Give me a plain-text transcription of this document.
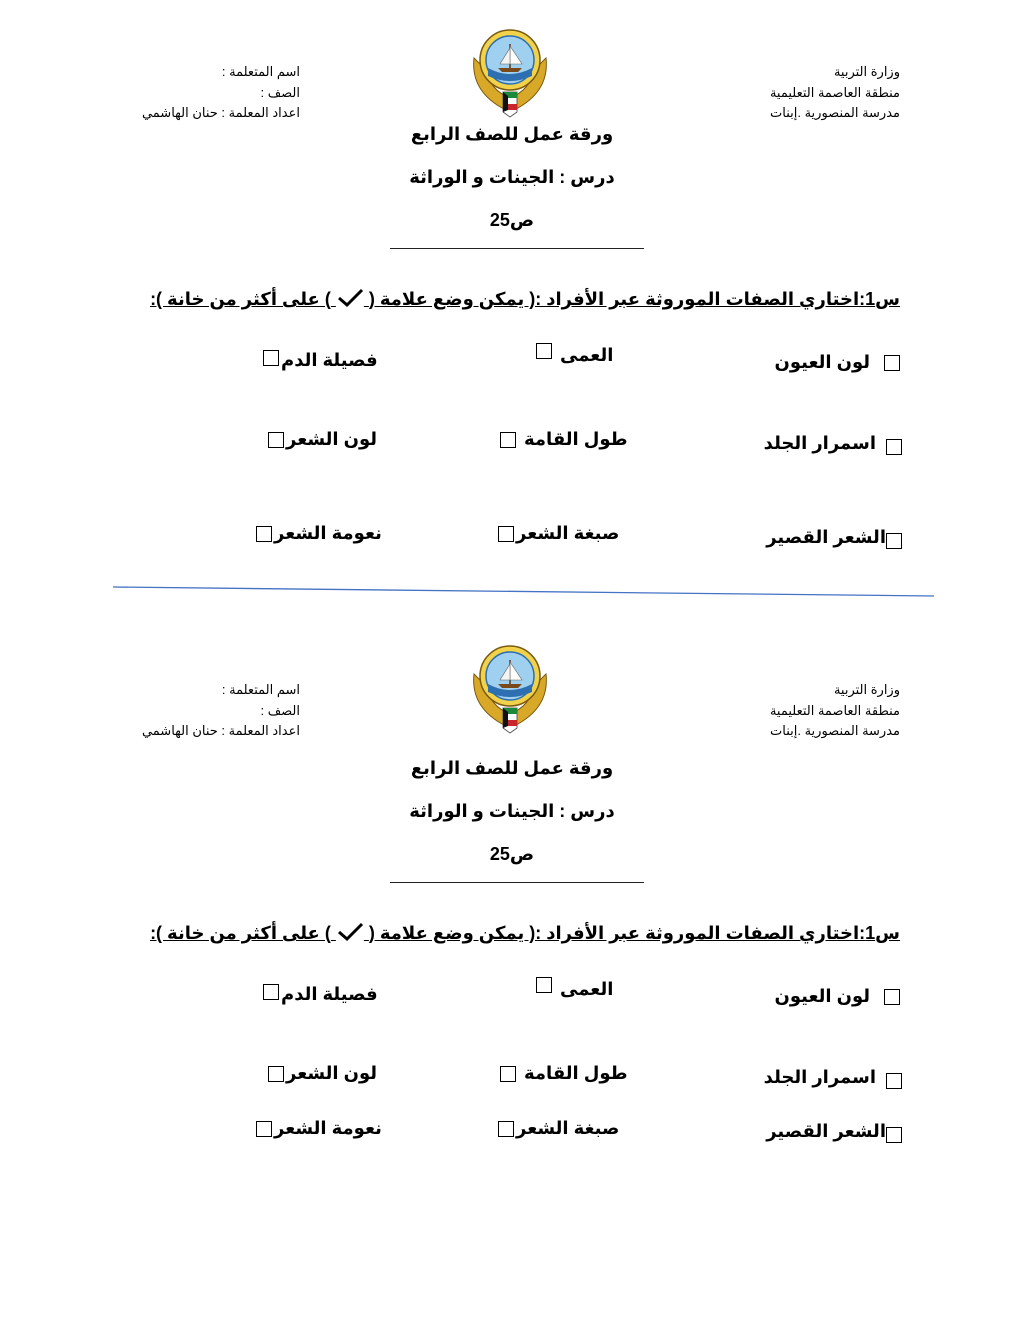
وزارة التربية
منطقة العاصمة التعليمية
مدرسة المنصورية .إبنات
اسم المتعلمة :
الصف :
اعداد المعلمة : حنان الهاشمي
ورقة عمل للصف الرابع
درس : الجينات و الوراثة
ص25
س1:اختاري الصفات الموروثة عبر الأفراد :( يمكن وضع علامة (  ) على أكثر من خانة ):
لون العيون
العمى
فصيلة الدم
اسمرار الجلد
طول القامة
لون الشعر
الشعر القصير
صبغة الشعر
نعومة الشعر
وزارة التربية
منطقة العاصمة التعليمية
مدرسة المنصورية .إبنات
اسم المتعلمة :
الصف :
اعداد المعلمة : حنان الهاشمي
ورقة عمل للصف الرابع
درس : الجينات و الوراثة
ص25
س1:اختاري الصفات الموروثة عبر الأفراد :( يمكن وضع علامة (  ) على أكثر من خانة ):
لون العيون
العمى
فصيلة الدم
اسمرار الجلد
طول القامة
لون الشعر
الشعر القصير
صبغة الشعر
نعومة الشعر
